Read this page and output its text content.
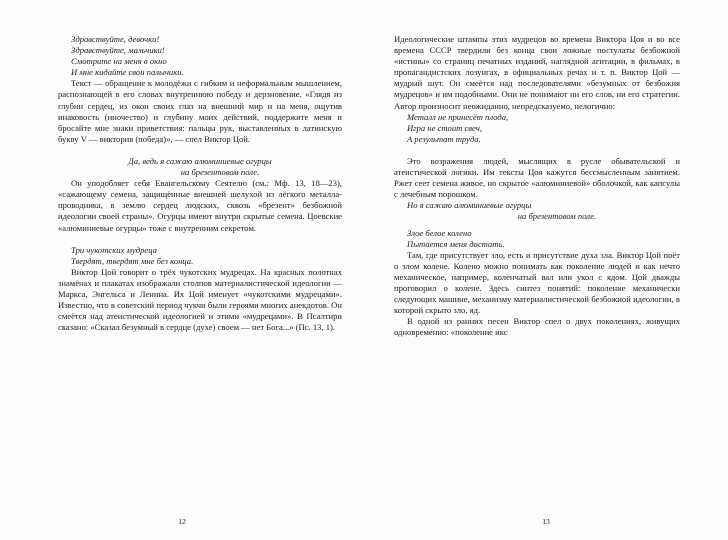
Здравствуйте, девочки!

Здравствуйте, мальчики!

Смотрите на меня в окно

И мне кидайте свои палычики.

Текст — обращение к молодёжи с гибким и неформальным мышлением, распознающей в его словах внутреннюю победу и дерзновение. «Глядя из глубин сердец, из окон своих глаз на внешний мир и на меня, ощутив инаковость (иночество) и глубину моих действий, поддержите меня и бросайте мне знаки приветствия: пальцы рук, выставленных в латинскую букву V — виктория (победа)», — спел Виктор Цой.

Да, ведь я сажаю алюминиевые огурцы

на брезентовом поле.

Он уподобляет себя Евангельскому Сеятелю (см.: Мф. 13, 18—23), «сажающему семена, защищённые внешней шелухой из лёгкого металла-проводника, в землю сердец людских, сквозь «брезент» безбожной идеологии своей страны». Огурцы имеют внутри скрытые семена. Цоевские «алюминиевые огурцы» тоже с внутренним секретом.

Три чукотских мудреца

Твердят, твердят мне без конца.

Виктор Цой говорит о трёх чукотских мудрецах. На красных полотнах знамёнах и плакатах изображали столпов материалистической идеологии — Маркса, Энгельса и Ленина. Их Цой именует «чукотскими мудрецами». Известно, что в советский период чукчи были героями многих анекдотов. Он смеётся над атеистической идеологией и этими «мудрецами». В Псалтири сказано: «Сказал безумный в сердце (духе) своем — нет Бога...» (Пс. 13, 1).

12

Идеологические штампы этих мудрецов во времена Виктора Цоя и во все времена СССР твердили без конца свои ложные постулаты безбожной «истины» со страниц печатных изданий, наглядной агитации, в фильмах, в пропагандистских лозунгах, в официальных речах и т. п. Виктор Цой — мудрый шут. Он смеётся над последователями «безумных от безбожия мудрецов» и им подобными. Они не понимают ни его слов, ни его стратегии. Автор произносит неожиданно, непредсказуемо, нелогично:

Металл не принесёт плода,

Игра не стоит свеч,

А результат труда.

Это возражения людей, мыслящих в русле обывательской и атеистической логики. Им тексты Цоя кажутся бессмысленным занятием. Ржет сеет семена живое, но скрытое «алюминиевой» оболочкой, как капсулы с лечебным порошком.

Но я сажаю алюминиевые огурцы

на брезентовом поле.

Злое белое колено

Пытается меня достать.

Там, где присутствует зло, есть и присутствие духа зла. Виктор Цой поёт о злом колене. Колено можно понимать как поколение людей и как нечто механическое, например, коленчатый вал или укол с ядом. Цой дважды проговорил о колене. Здесь синтез понятий: поколение механически следующих машине, механизму материалистической безбожной идеологии, в которой скрыто зло, яд.

В одной из ранних песен Виктор спел о двух поколениях, живущих одновременно: «поколение икс

13
